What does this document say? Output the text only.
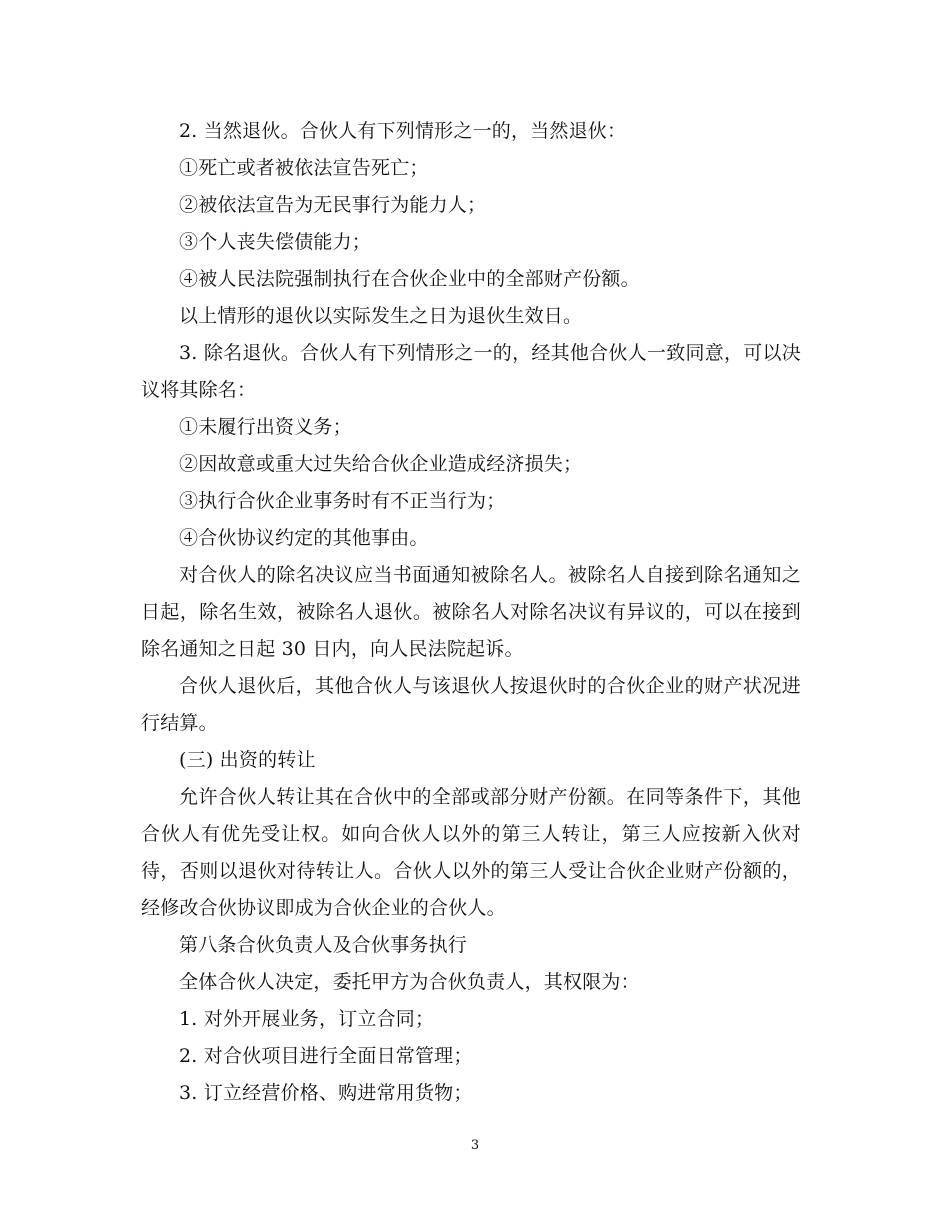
2. 当然退伙。合伙人有下列情形之一的，当然退伙：

①死亡或者被依法宣告死亡；

②被依法宣告为无民事行为能力人；

③个人丧失偿债能力；

④被人民法院强制执行在合伙企业中的全部财产份额。

以上情形的退伙以实际发生之日为退伙生效日。

3. 除名退伙。合伙人有下列情形之一的，经其他合伙人一致同意，可以决议将其除名：

①未履行出资义务；

②因故意或重大过失给合伙企业造成经济损失；

③执行合伙企业事务时有不正当行为；

④合伙协议约定的其他事由。

对合伙人的除名决议应当书面通知被除名人。被除名人自接到除名通知之日起，除名生效，被除名人退伙。被除名人对除名决议有异议的，可以在接到除名通知之日起 30 日内，向人民法院起诉。

合伙人退伙后，其他合伙人与该退伙人按退伙时的合伙企业的财产状况进行结算。

(三) 出资的转让

允许合伙人转让其在合伙中的全部或部分财产份额。在同等条件下，其他合伙人有优先受让权。如向合伙人以外的第三人转让，第三人应按新入伙对待，否则以退伙对待转让人。合伙人以外的第三人受让合伙企业财产份额的，经修改合伙协议即成为合伙企业的合伙人。

第八条合伙负责人及合伙事务执行

全体合伙人决定，委托甲方为合伙负责人，其权限为：

1. 对外开展业务，订立合同；

2. 对合伙项目进行全面日常管理；

3. 订立经营价格、购进常用货物；

3
